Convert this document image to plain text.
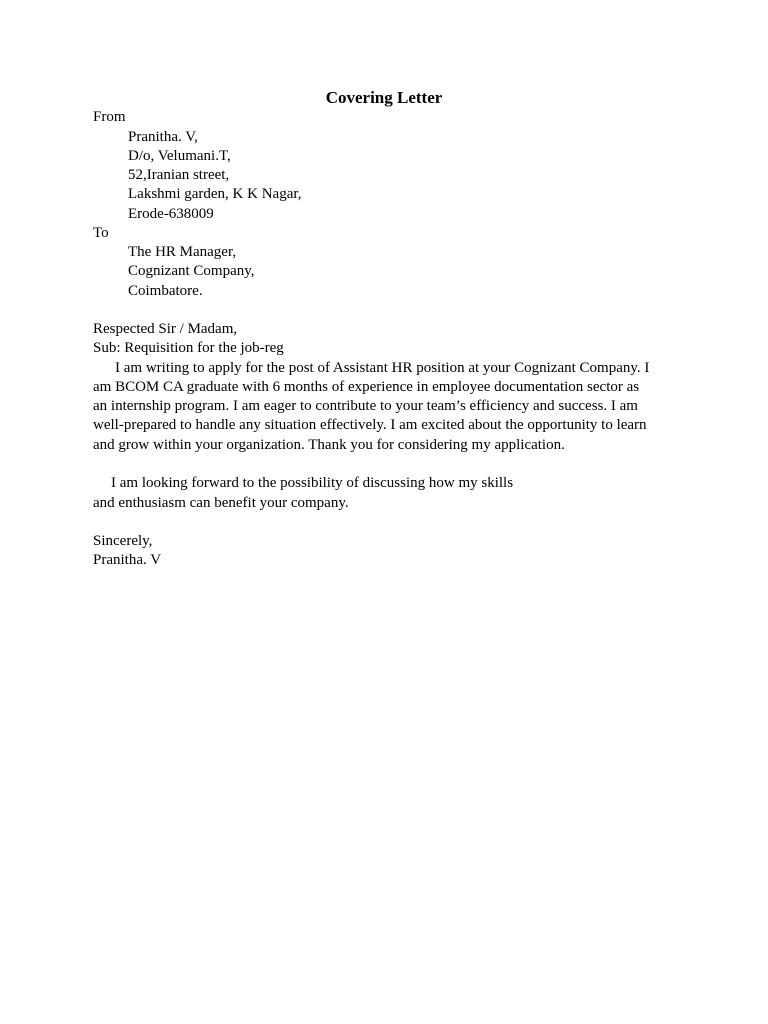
Covering Letter
From
Pranitha. V,
D/o, Velumani.T,
52,Iranian street,
Lakshmi garden, K K Nagar,
Erode-638009
To
The HR Manager,
Cognizant Company,
Coimbatore.
Respected Sir / Madam,
Sub: Requisition for the job-reg
I am writing to apply for the post of Assistant HR position at your Cognizant Company. I
am BCOM CA graduate with 6 months of experience in employee documentation sector as
an internship program. I am eager to contribute to your team’s efficiency and success. I am
well-prepared to handle any situation effectively. I am excited about the opportunity to learn
and grow within your organization. Thank you for considering my application.
I am looking forward to the possibility of discussing how my skills
and enthusiasm can benefit your company.
Sincerely,
Pranitha. V
